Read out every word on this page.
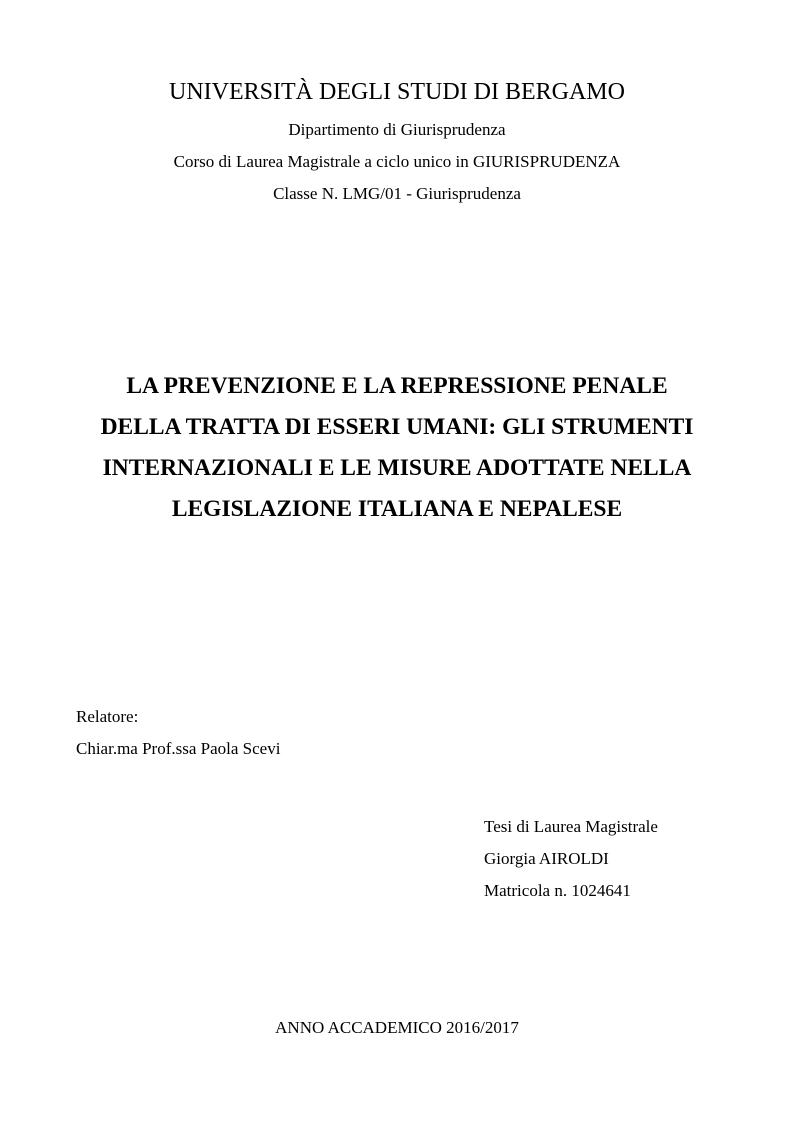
UNIVERSITÀ DEGLI STUDI DI BERGAMO
Dipartimento di Giurisprudenza
Corso di Laurea Magistrale a ciclo unico in GIURISPRUDENZA
Classe N. LMG/01 - Giurisprudenza
LA PREVENZIONE E LA REPRESSIONE PENALE
DELLA TRATTA DI ESSERI UMANI: GLI STRUMENTI
INTERNAZIONALI E LE MISURE ADOTTATE NELLA
LEGISLAZIONE ITALIANA E NEPALESE
Relatore:
Chiar.ma Prof.ssa Paola Scevi
Tesi di Laurea Magistrale
Giorgia AIROLDI
Matricola n. 1024641
ANNO ACCADEMICO 2016/2017
